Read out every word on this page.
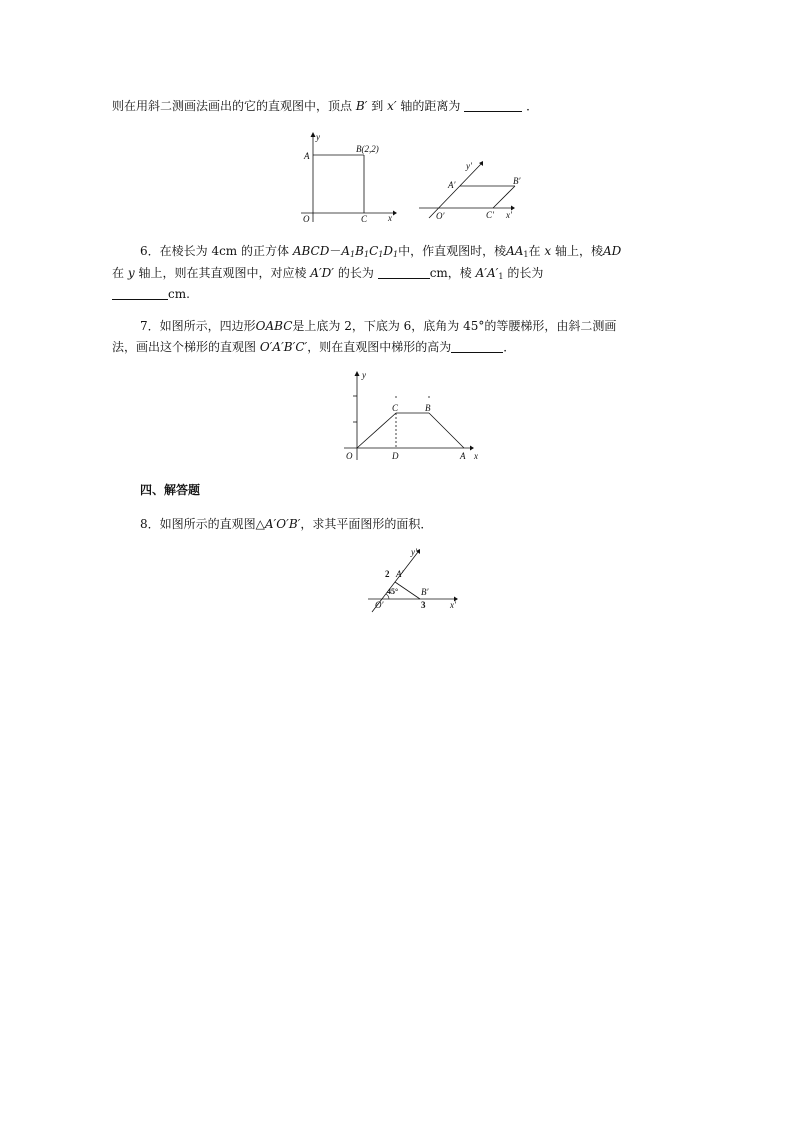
则在用斜二测画法画出的它的直观图中，顶点 B′ 到 x′ 轴的距离为	．
y
A
B(2,2)
O	C x
y′
A′	B′
O′	C′ x′
6．在棱长为 4cm 的正方体 $ABCD-A_1B_1C_1D_1$中，作直观图时，棱$AA_1$在 x 轴上，棱AD
在 y 轴上，则在其直观图中，对应棱 A′D′ 的长为	cm，棱 $A'A'_1$ 的长为
cm.
7．如图所示，四边形OABC是上底为 2，下底为 6，底角为 45°的等腰梯形，由斜二测画
法，画出这个梯形的直观图 O′A′B′C′，则在直观图中梯形的高为	．
y
C	B
O	D	A x
四、解答题
8．如图所示的直观图△A′O′B′，求其平面图形的面积．
y′
A′
2
45°	B′
O′	3	x′
